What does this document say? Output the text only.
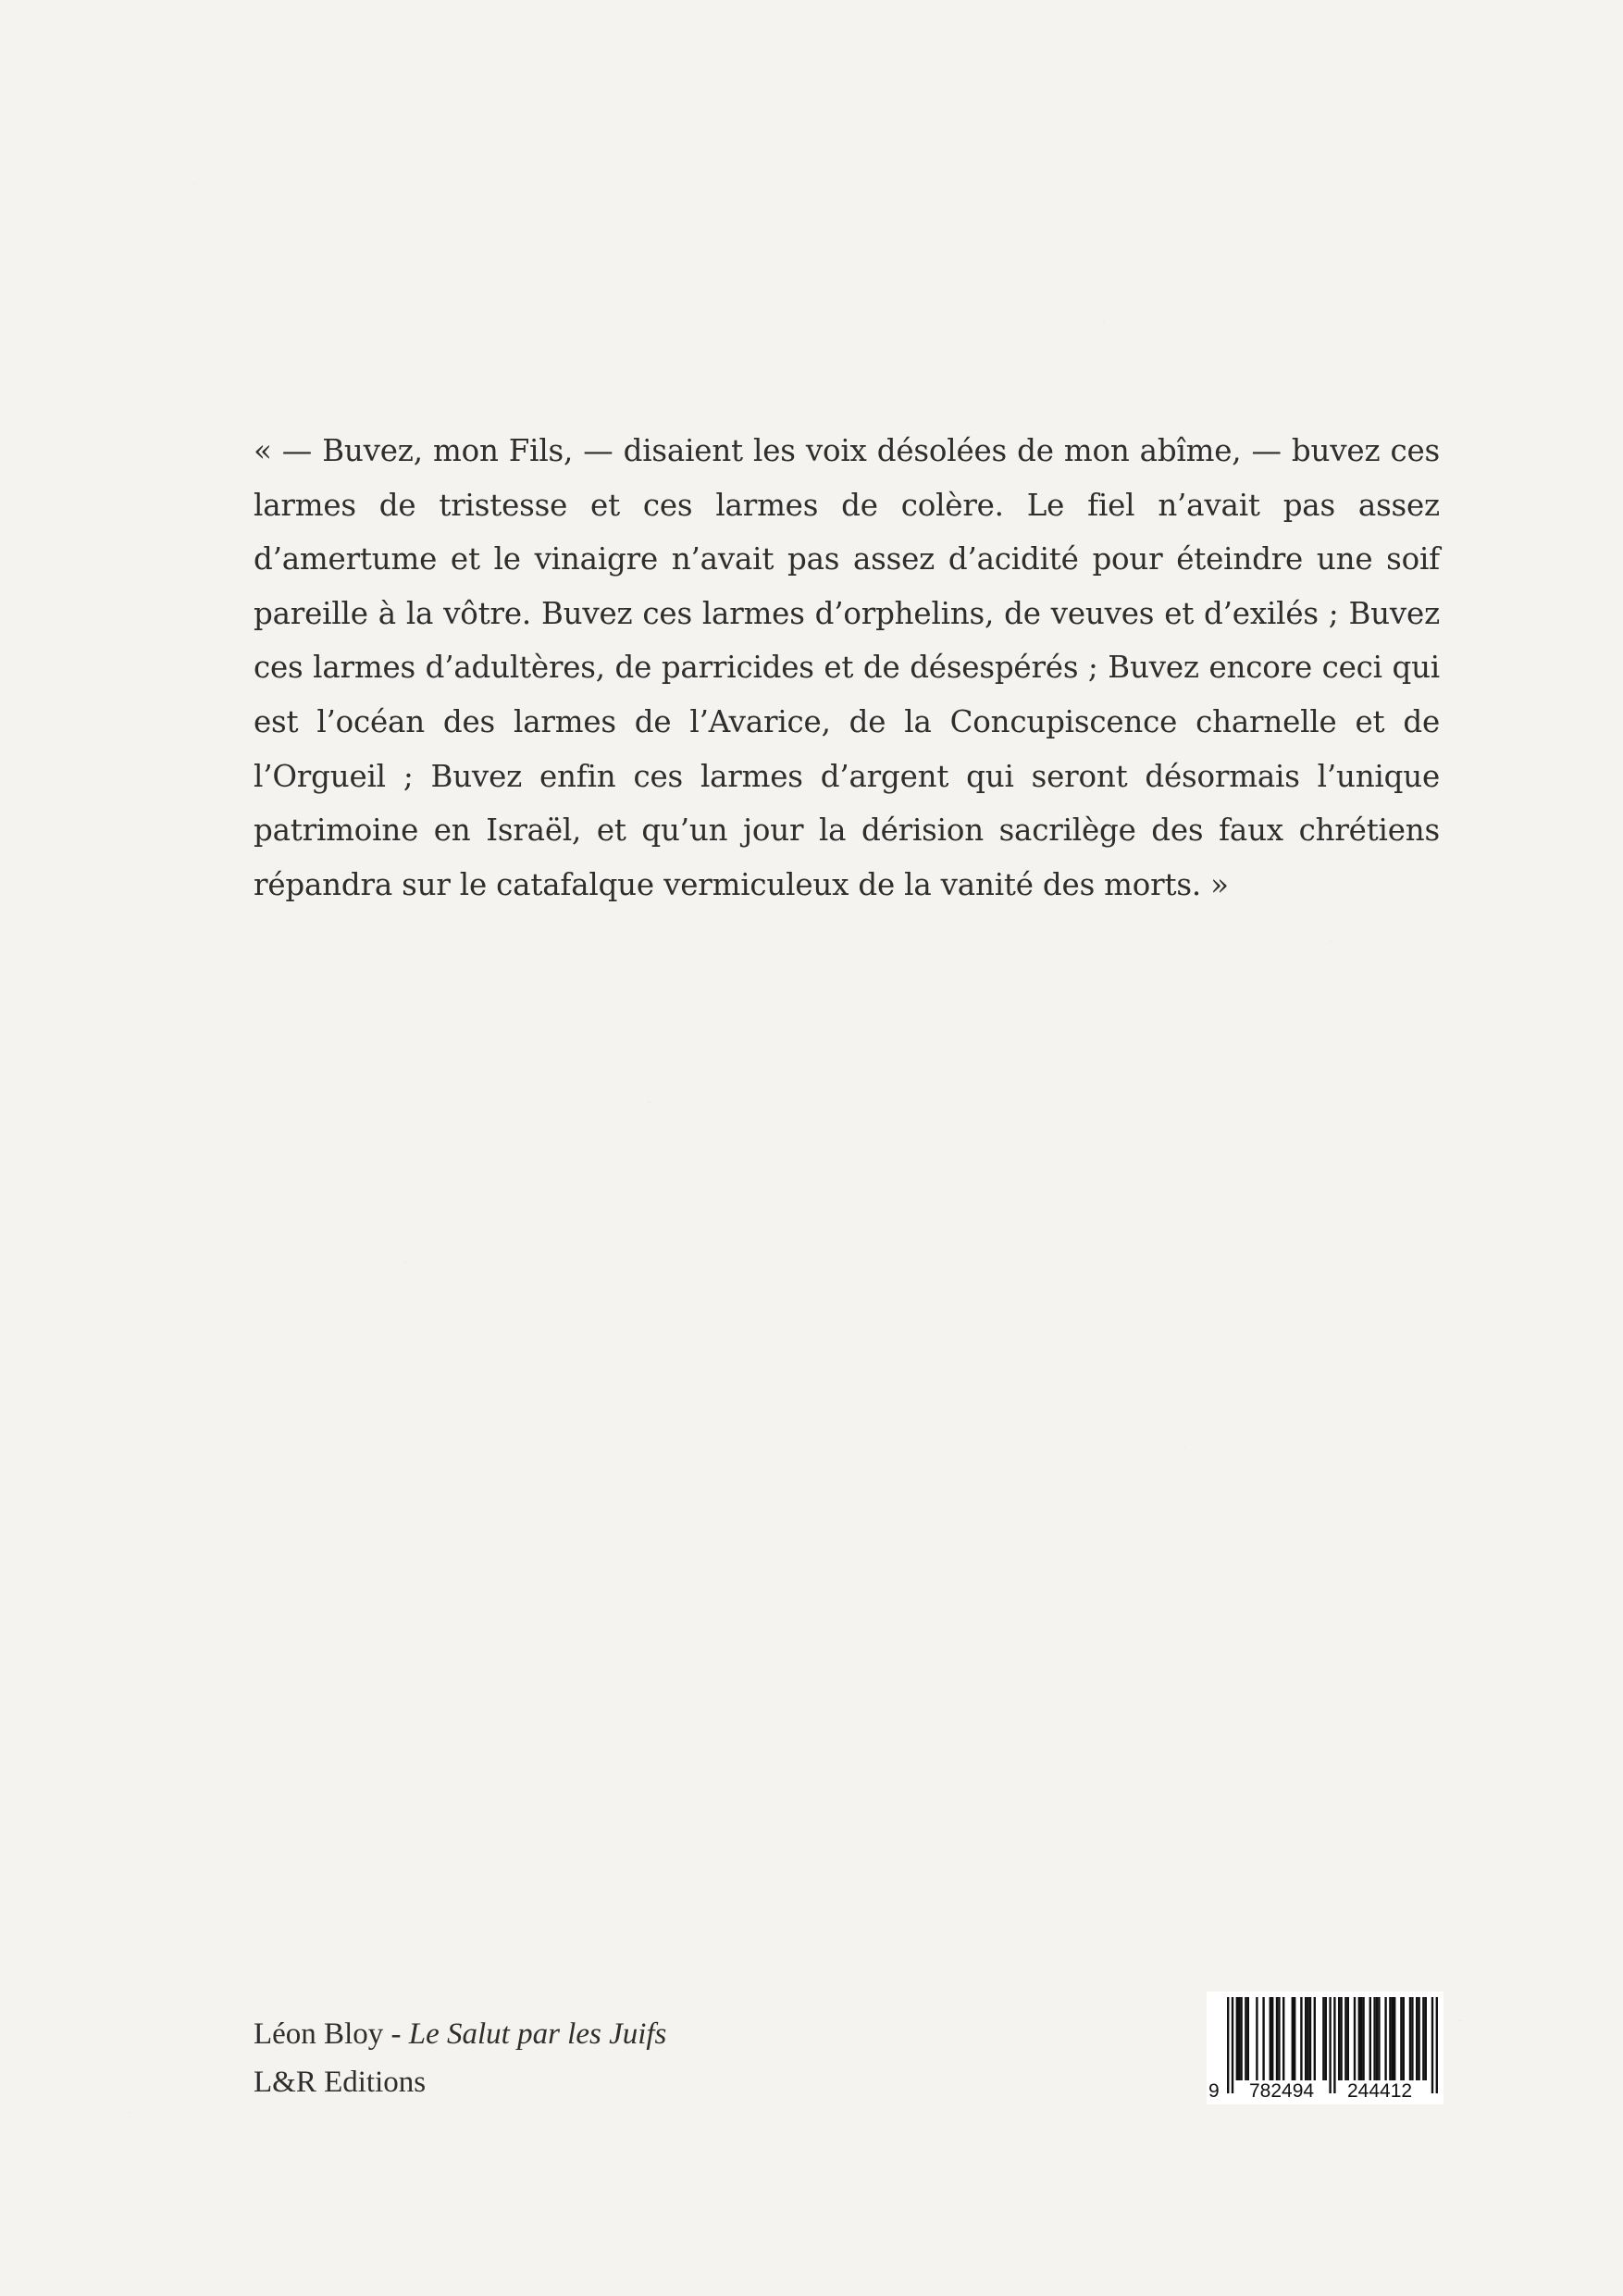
« — Buvez, mon Fils, — disaient les voix désolées de mon abîme, — buvez ces larmes de tristesse et ces larmes de colère. Le fiel n’avait pas assez d’amertume et le vinaigre n’avait pas assez d’acidité pour éteindre une soif pareille à la vôtre. Buvez ces larmes d’orphelins, de veuves et d’exilés ; Buvez ces larmes d’adultères, de parricides et de désespérés ; Buvez encore ceci qui est l’océan des larmes de l’Avarice, de la Concupiscence charnelle et de l’Orgueil ; Buvez enfin ces larmes d’argent qui seront désormais l’unique patrimoine en Israël, et qu’un jour la dérision sacrilège des faux chrétiens répandra sur le catafalque vermiculeux de la vanité des morts. »

Léon Bloy - Le Salut par les Juifs
L&R Editions	9 782494 244412
